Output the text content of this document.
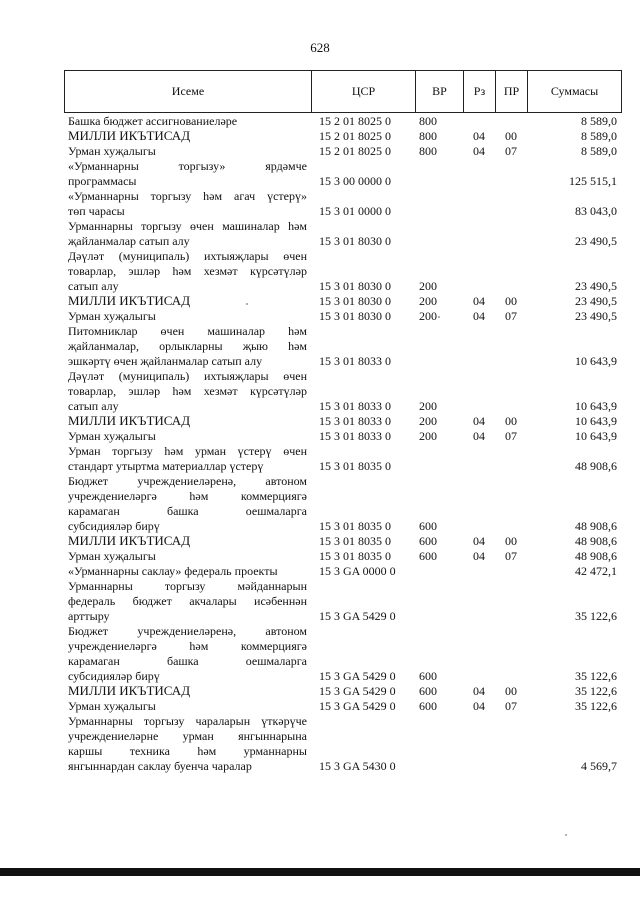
628
Исеме	ЦСР	ВР	Рз	ПР	Суммасы
Башка бюджет ассигнованиеләре	15 2 01 8025 0	800	8 589,0
МИЛЛИ ИКЪТИСАД	15 2 01 8025 0	800	04	00	8 589,0
Урман хуҗалыгы	15 2 01 8025 0	800	04	07	8 589,0
«Урманнарны торгызу» ярдәмче
программасы	15 3 00 0000 0	125 515,1
«Урманнарны торгызу һәм агач үстерү»
төп чарасы	15 3 01 0000 0	83 043,0
Урманнарны торгызу өчен машиналар һәм
җайланмалар сатып алу	15 3 01 8030 0	23 490,5
Дәүләт (муниципаль) ихтыяҗлары өчен
товарлар, эшләр һәм хезмәт күрсәтүләр
сатып алу	15 3 01 8030 0	200	23 490,5
МИЛЛИ ИКЪТИСАД	15 3 01 8030 0	200	04	00	23 490,5
Урман хуҗалыгы	15 3 01 8030 0	200	04	07	23 490,5
Питомниклар өчен машиналар һәм
җайланмалар, орлыкларны җыю һәм
эшкәртү өчен җайланмалар сатып алу	15 3 01 8033 0	10 643,9
Дәүләт (муниципаль) ихтыяҗлары өчен
товарлар, эшләр һәм хезмәт күрсәтүләр
сатып алу	15 3 01 8033 0	200	10 643,9
МИЛЛИ ИКЪТИСАД	15 3 01 8033 0	200	04	00	10 643,9
Урман хуҗалыгы	15 3 01 8033 0	200	04	07	10 643,9
Урман торгызу һәм урман үстерү өчен
стандарт утыртма материаллар үстерү	15 3 01 8035 0	48 908,6
Бюджет учреждениеләренә, автоном
учреждениеләргә һәм коммерциягә
карамаган башка оешмаларга
субсидияләр бирү	15 3 01 8035 0	600	48 908,6
МИЛЛИ ИКЪТИСАД	15 3 01 8035 0	600	04	00	48 908,6
Урман хуҗалыгы	15 3 01 8035 0	600	04	07	48 908,6
«Урманнарны саклау» федераль проекты	15 3 GA 0000 0	42 472,1
Урманнарны торгызу мәйданнарын
федераль бюджет акчалары исәбеннән
арттыру	15 3 GA 5429 0	35 122,6
Бюджет учреждениеләренә, автоном
учреждениеләргә һәм коммерциягә
карамаган башка оешмаларга
субсидияләр бирү	15 3 GA 5429 0	600	35 122,6
МИЛЛИ ИКЪТИСАД	15 3 GA 5429 0	600	04	00	35 122,6
Урман хуҗалыгы	15 3 GA 5429 0	600	04	07	35 122,6
Урманнарны торгызу чараларын үткәрүче
учреждениеләрне урман янгыннарына
каршы техника һәм урманнарны
янгыннардан саклау буенча чаралар	15 3 GA 5430 0	4 569,7
